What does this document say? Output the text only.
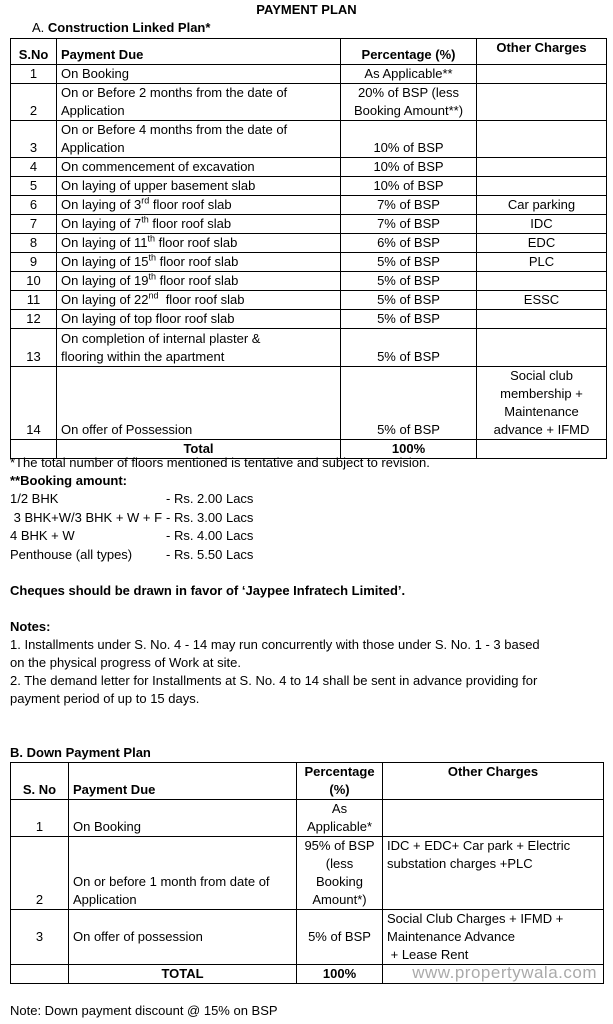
PAYMENT PLAN
A. Construction Linked Plan*
S.No	Payment Due	Percentage (%)	Other Charges
1	On Booking	As Applicable**	
2	On or Before 2 months from the date of
Application	20% of BSP (less
Booking Amount**)	
3	On or Before 4 months from the date of
Application	10% of BSP	
4	On commencement of excavation	10% of BSP	
5	On laying of upper basement slab	10% of BSP	
6	On laying of 3rd floor roof slab	7% of BSP	Car parking
7	On laying of 7th floor roof slab	7% of BSP	IDC
8	On laying of 11th floor roof slab	6% of BSP	EDC
9	On laying of 15th floor roof slab	5% of BSP	PLC
10	On laying of 19th floor roof slab	5% of BSP	
11	On laying of 22nd  floor roof slab	5% of BSP	ESSC
12	On laying of top floor roof slab	5% of BSP	
13	On completion of internal plaster &
flooring within the apartment	5% of BSP	
14	On offer of Possession	5% of BSP	Social club
membership +
Maintenance
advance + IFMD
	Total	100%	
*The total number of floors mentioned is tentative and subject to revision.
**Booking amount:
1/2 BHK	- Rs. 2.00 Lacs
3 BHK+W/3 BHK + W + F - Rs. 3.00 Lacs
4 BHK + W	- Rs. 4.00 Lacs
Penthouse (all types)	- Rs. 5.50 Lacs
Cheques should be drawn in favor of ‘Jaypee Infratech Limited’.
Notes:
1. Installments under S. No. 4 - 14 may run concurrently with those under S. No. 1 - 3 based
on the physical progress of Work at site.
2. The demand letter for Installments at S. No. 4 to 14 shall be sent in advance providing for
payment period of up to 15 days.
B. Down Payment Plan
S. No	Payment Due	Percentage
(%)	Other Charges
1	On Booking	As
Applicable*	
2	On or before 1 month from date of
Application	95% of BSP
(less
Booking
Amount*)	IDC + EDC+ Car park + Electric
substation charges +PLC
3	On offer of possession	5% of BSP	Social Club Charges + IFMD +
Maintenance Advance
+ Lease Rent
	TOTAL	100%	
Note: Down payment discount @ 15% on BSP
www.propertywala.com
